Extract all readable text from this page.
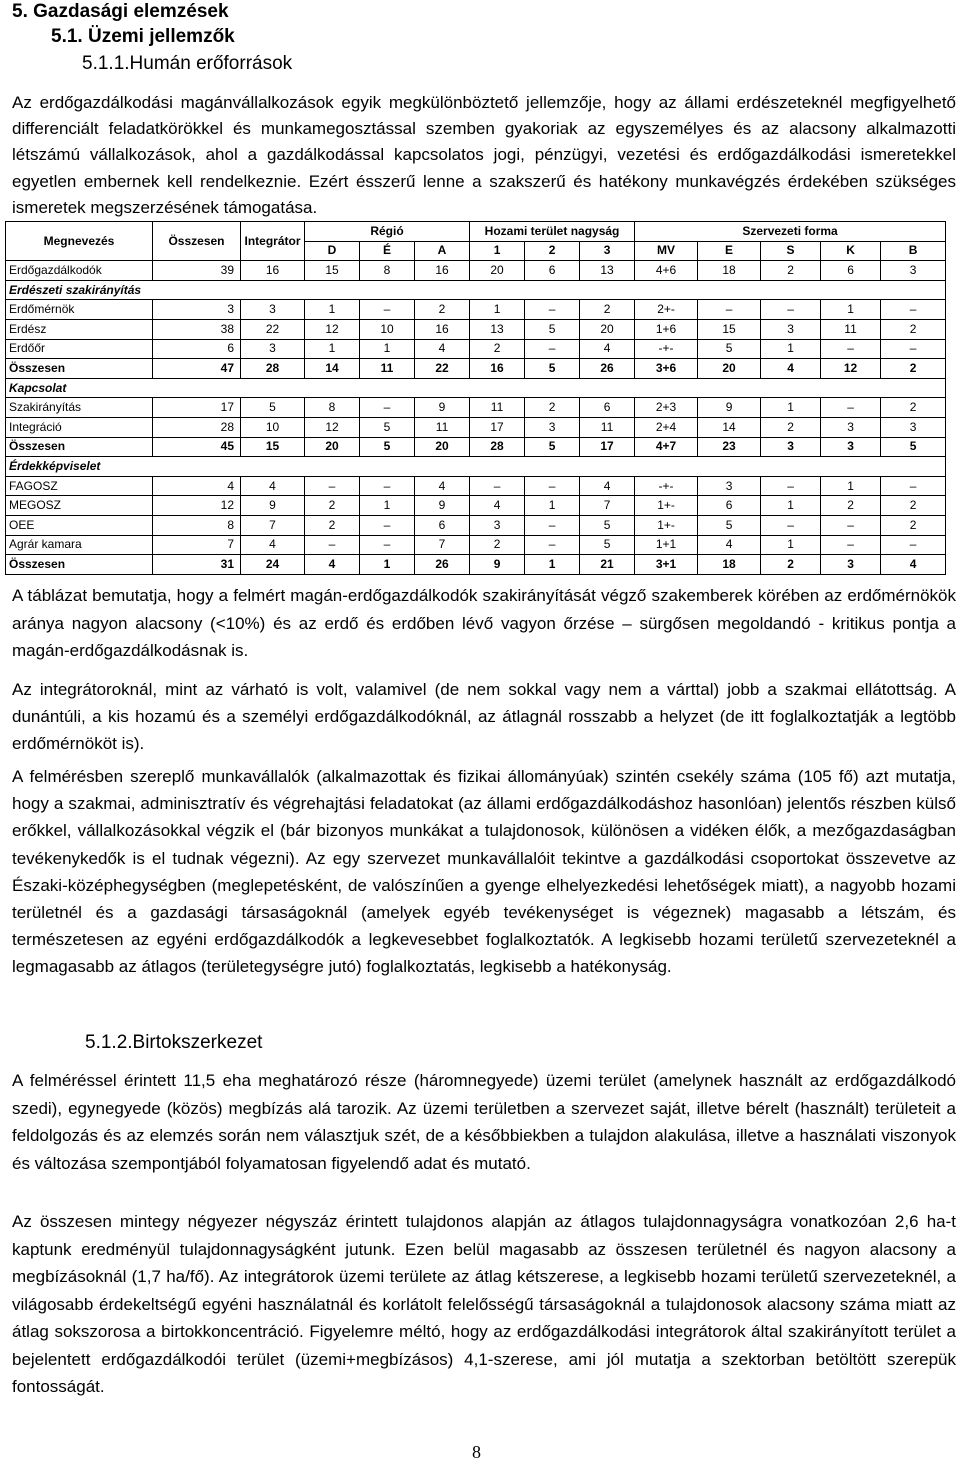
5. Gazdasági elemzések
5.1. Üzemi jellemzők
5.1.1.Humán erőforrások

Az erdőgazdálkodási magánvállalkozások egyik megkülönböztető jellemzője, hogy az állami erdészeteknél megfigyelhető differenciált feladatkörökkel és munkamegosztással szemben gyakoriak az egyszemélyes és az alacsony alkalmazotti létszámú vállalkozások, ahol a gazdálkodással kapcsolatos jogi, pénzügyi, vezetési és erdőgazdálkodási ismeretekkel egyetlen embernek kell rendelkeznie. Ezért ésszerű lenne a szakszerű és hatékony munkavégzés érdekében szükséges ismeretek megszerzésének támogatása.

Megnevezés	Összesen	Integrátor	Régió			Hozami terület nagyság			Szervezeti forma				
			D	É	A	1	2	3	MV	E	S	K	B
Erdőgazdálkodók	39	16	15	8	16	20	6	13	4+6	18	2	6	3
Erdészeti szakirányítás													
Erdőmérnök	3	3	1	–	2	1	–	2	2+-	–	–	1	–
Erdész	38	22	12	10	16	13	5	20	1+6	15	3	11	2
Erdőőr	6	3	1	1	4	2	–	4	-+-	5	1	–	–
Összesen	47	28	14	11	22	16	5	26	3+6	20	4	12	2
Kapcsolat													
Szakirányítás	17	5	8	–	9	11	2	6	2+3	9	1	–	2
Integráció	28	10	12	5	11	17	3	11	2+4	14	2	3	3
Összesen	45	15	20	5	20	28	5	17	4+7	23	3	3	5
Érdekképviselet													
FAGOSZ	4	4	–	–	4	–	–	4	-+-	3	–	1	–
MEGOSZ	12	9	2	1	9	4	1	7	1+-	6	1	2	2
OEE	8	7	2	–	6	3	–	5	1+-	5	–	–	2
Agrár kamara	7	4	–	–	7	2	–	5	1+1	4	1	–	–
Összesen	31	24	4	1	26	9	1	21	3+1	18	2	3	4

A táblázat bemutatja, hogy a felmért magán-erdőgazdálkodók szakirányítását végző szakemberek körében az erdőmérnökök aránya nagyon alacsony (<10%) és az erdő és erdőben lévő vagyon őrzése – sürgősen megoldandó - kritikus pontja a magán-erdőgazdálkodásnak is.

Az integrátoroknál, mint az várható is volt, valamivel (de nem sokkal vagy nem a várttal) jobb a szakmai ellátottság. A dunántúli, a kis hozamú és a személyi erdőgazdálkodóknál, az átlagnál rosszabb a helyzet (de itt foglalkoztatják a legtöbb erdőmérnököt is).

A felmérésben szereplő munkavállalók (alkalmazottak és fizikai állományúak) szintén csekély száma (105 fő) azt mutatja, hogy a szakmai, adminisztratív és végrehajtási feladatokat (az állami erdőgazdálkodáshoz hasonlóan) jelentős részben külső erőkkel, vállalkozásokkal végzik el (bár bizonyos munkákat a tulajdonosok, különösen a vidéken élők, a mezőgazdaságban tevékenykedők is el tudnak végezni). Az egy szervezet munkavállalóit tekintve a gazdálkodási csoportokat összevetve az Északi-középhegységben (meglepetésként, de valószínűen a gyenge elhelyezkedési lehetőségek miatt), a nagyobb hozami területnél és a gazdasági társaságoknál (amelyek egyéb tevékenységet is végeznek) magasabb a létszám, és természetesen az egyéni erdőgazdálkodók a legkevesebbet foglalkoztatók. A legkisebb hozami területű szervezeteknél a legmagasabb az átlagos (területegységre jutó) foglalkoztatás, legkisebb a hatékonyság.

5.1.2.Birtokszerkezet

A felméréssel érintett 11,5 eha meghatározó része (háromnegyede) üzemi terület (amelynek használt az erdőgazdálkodó szedi), egynegyede (közös) megbízás alá tarozik. Az üzemi területben a szervezet saját, illetve bérelt (használt) területeit a feldolgozás és az elemzés során nem választjuk szét, de a későbbiekben a tulajdon alakulása, illetve a használati viszonyok és változása szempontjából folyamatosan figyelendő adat és mutató.

Az összesen mintegy négyezer négyszáz érintett tulajdonos alapján az átlagos tulajdonnagyságra vonatkozóan 2,6 ha-t kaptunk eredményül tulajdonnagyságként jutunk. Ezen belül magasabb az összesen területnél és nagyon alacsony a megbízásoknál (1,7 ha/fő). Az integrátorok üzemi területe az átlag kétszerese, a legkisebb hozami területű szervezeteknél, a világosabb érdekeltségű egyéni használatnál és korlátolt felelősségű társaságoknál a tulajdonosok alacsony száma miatt az átlag sokszorosa a birtokkoncentráció. Figyelemre méltó, hogy az erdőgazdálkodási integrátorok által szakirányított terület a bejelentett erdőgazdálkodói terület (üzemi+megbízásos) 4,1-szerese, ami jól mutatja a szektorban betöltött szerepük fontosságát.

8
